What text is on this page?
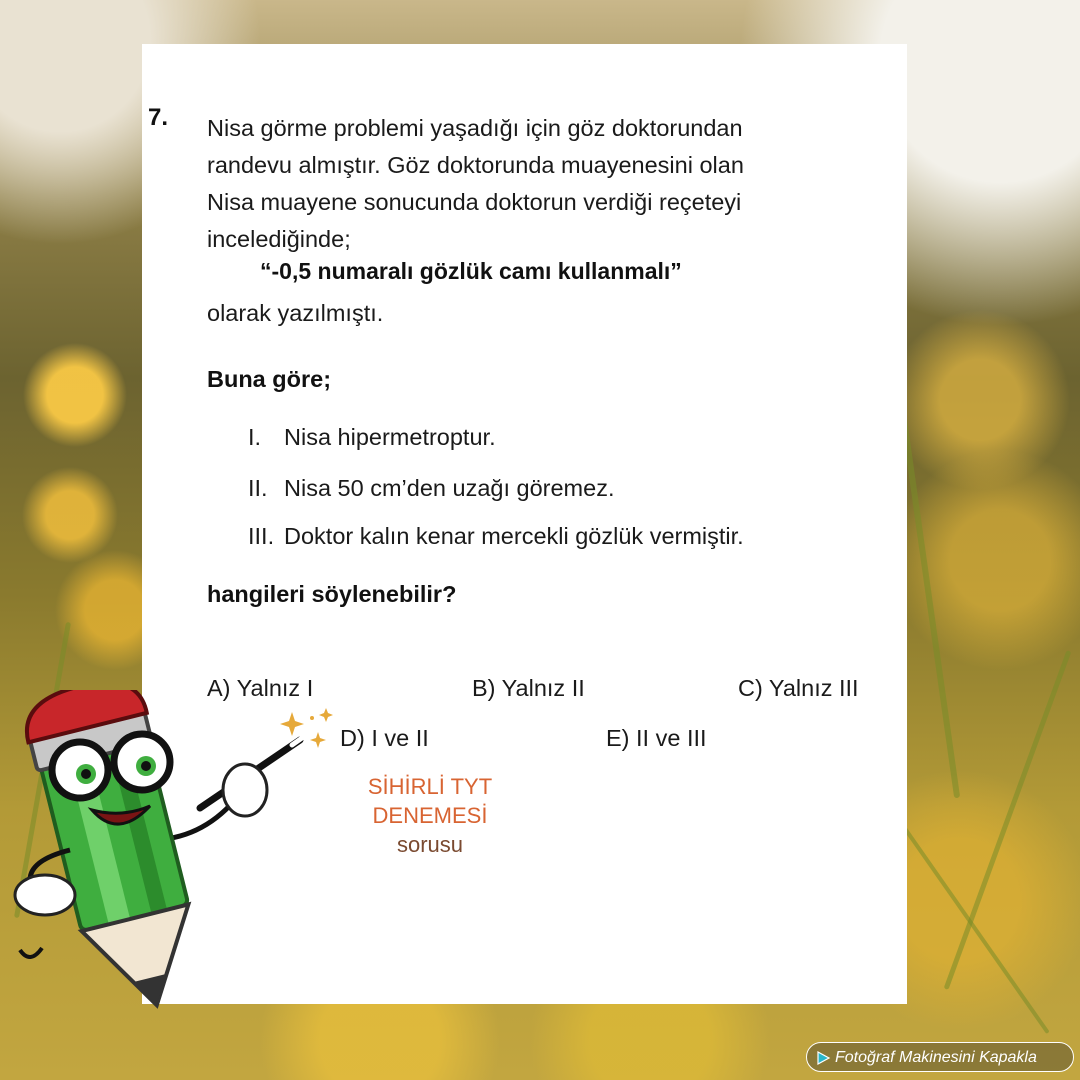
7. Nisa görme problemi yaşadığı için göz doktorundan
randevu almıştır. Göz doktorunda muayenesini olan
Nisa muayene sonucunda doktorun verdiği reçeteyi
incelediğinde;
“-0,5 numaralı gözlük camı kullanmalı”
olarak yazılmıştı.
Buna göre;
I. Nisa hipermetroptur.
II. Nisa 50 cm’den uzağı göremez.
III. Doktor kalın kenar mercekli gözlük vermiştir.
hangileri söylenebilir?
A) Yalnız I	B) Yalnız II	C) Yalnız III
D) I ve II	E) II ve III
SİHİRLİ TYT
DENEMESİ
sorusu
Fotoğraf Makinesini Kapakla
